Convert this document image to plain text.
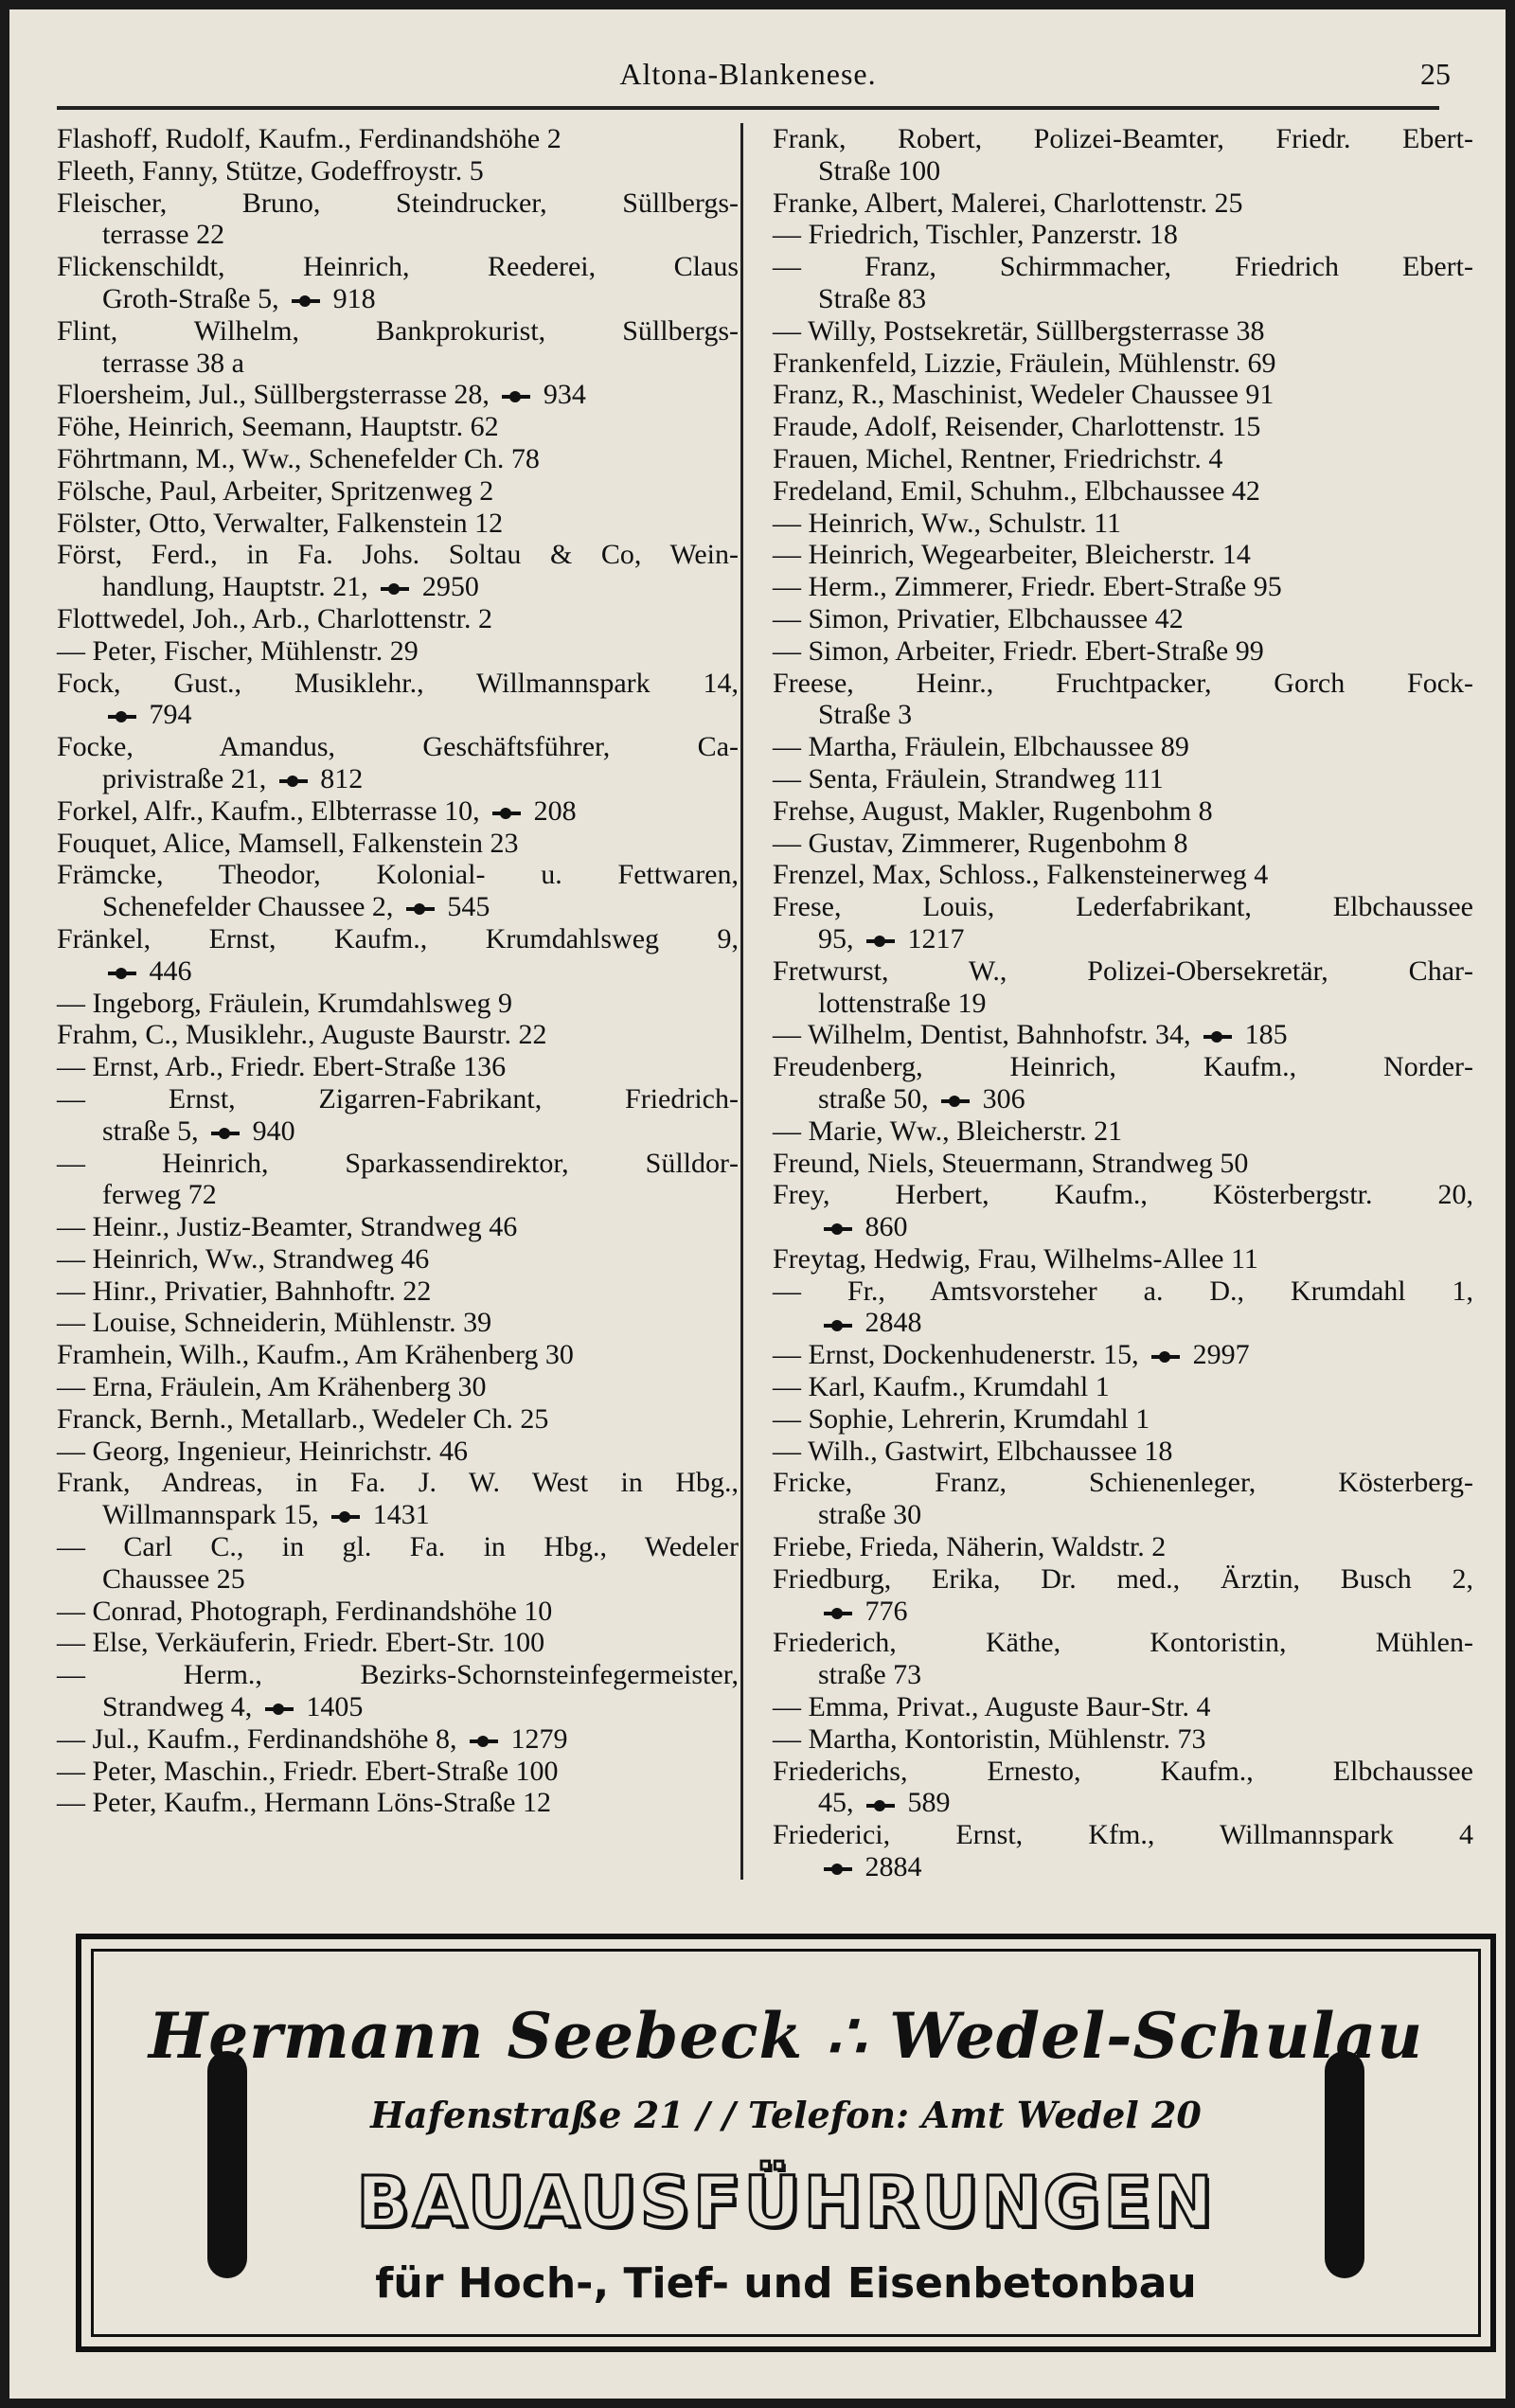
Altona‑Blankenese.	25
Flashoff, Rudolf, Kaufm., Ferdinandshöhe 2
Fleeth, Fanny, Stütze, Godeffroystr. 5
Fleischer, Bruno, Steindrucker, Süllbergs‑
terrasse 22
Flickenschildt, Heinrich, Reederei, Claus
Groth‑Straße 5,  918
Flint, Wilhelm, Bankprokurist, Süllbergs‑
terrasse 38 a
Floersheim, Jul., Süllbergsterrasse 28,  934
Föhe, Heinrich, Seemann, Hauptstr. 62
Föhrtmann, M., Ww., Schenefelder Ch. 78
Fölsche, Paul, Arbeiter, Spritzenweg 2
Fölster, Otto, Verwalter, Falkenstein 12
Först, Ferd., in Fa. Johs. Soltau & Co, Wein‑
handlung, Hauptstr. 21,  2950
Flottwedel, Joh., Arb., Charlottenstr. 2
— Peter, Fischer, Mühlenstr. 29
Fock, Gust., Musiklehr., Willmannspark 14,
794
Focke, Amandus, Geschäftsführer, Ca‑
privistraße 21,  812
Forkel, Alfr., Kaufm., Elbterrasse 10,  208
Fouquet, Alice, Mamsell, Falkenstein 23
Främcke, Theodor, Kolonial‑ u. Fettwaren,
Schenefelder Chaussee 2,  545
Fränkel, Ernst, Kaufm., Krumdahlsweg 9,
446
— Ingeborg, Fräulein, Krumdahlsweg 9
Frahm, C., Musiklehr., Auguste Baurstr. 22
— Ernst, Arb., Friedr. Ebert‑Straße 136
— Ernst, Zigarren‑Fabrikant, Friedrich‑
straße 5,  940
— Heinrich, Sparkassendirektor, Sülldor‑
ferweg 72
— Heinr., Justiz‑Beamter, Strandweg 46
— Heinrich, Ww., Strandweg 46
— Hinr., Privatier, Bahnhoftr. 22
— Louise, Schneiderin, Mühlenstr. 39
Framhein, Wilh., Kaufm., Am Krähenberg 30
— Erna, Fräulein, Am Krähenberg 30
Franck, Bernh., Metallarb., Wedeler Ch. 25
— Georg, Ingenieur, Heinrichstr. 46
Frank, Andreas, in Fa. J. W. West in Hbg.,
Willmannspark 15,  1431
— Carl C., in gl. Fa. in Hbg., Wedeler
Chaussee 25
— Conrad, Photograph, Ferdinandshöhe 10
— Else, Verkäuferin, Friedr. Ebert‑Str. 100
— Herm., Bezirks‑Schornsteinfegermeister,
Strandweg 4,  1405
— Jul., Kaufm., Ferdinandshöhe 8,  1279
— Peter, Maschin., Friedr. Ebert‑Straße 100
— Peter, Kaufm., Hermann Löns‑Straße 12
Frank, Robert, Polizei‑Beamter, Friedr. Ebert‑
Straße 100
Franke, Albert, Malerei, Charlottenstr. 25
— Friedrich, Tischler, Panzerstr. 18
— Franz, Schirmmacher, Friedrich Ebert‑
Straße 83
— Willy, Postsekretär, Süllbergsterrasse 38
Frankenfeld, Lizzie, Fräulein, Mühlenstr. 69
Franz, R., Maschinist, Wedeler Chaussee 91
Fraude, Adolf, Reisender, Charlottenstr. 15
Frauen, Michel, Rentner, Friedrichstr. 4
Fredeland, Emil, Schuhm., Elbchaussee 42
— Heinrich, Ww., Schulstr. 11
— Heinrich, Wegearbeiter, Bleicherstr. 14
— Herm., Zimmerer, Friedr. Ebert‑Straße 95
— Simon, Privatier, Elbchaussee 42
— Simon, Arbeiter, Friedr. Ebert‑Straße 99
Freese, Heinr., Fruchtpacker, Gorch Fock‑
Straße 3
— Martha, Fräulein, Elbchaussee 89
— Senta, Fräulein, Strandweg 111
Frehse, August, Makler, Rugenbohm 8
— Gustav, Zimmerer, Rugenbohm 8
Frenzel, Max, Schloss., Falkensteinerweg 4
Frese, Louis, Lederfabrikant, Elbchaussee
95,  1217
Fretwurst, W., Polizei‑Obersekretär, Char‑
lottenstraße 19
— Wilhelm, Dentist, Bahnhofstr. 34,  185
Freudenberg, Heinrich, Kaufm., Norder‑
straße 50,  306
— Marie, Ww., Bleicherstr. 21
Freund, Niels, Steuermann, Strandweg 50
Frey, Herbert, Kaufm., Kösterbergstr. 20,
860
Freytag, Hedwig, Frau, Wilhelms‑Allee 11
— Fr., Amtsvorsteher a. D., Krumdahl 1,
2848
— Ernst, Dockenhudenerstr. 15,  2997
— Karl, Kaufm., Krumdahl 1
— Sophie, Lehrerin, Krumdahl 1
— Wilh., Gastwirt, Elbchaussee 18
Fricke, Franz, Schienenleger, Kösterberg‑
straße 30
Friebe, Frieda, Näherin, Waldstr. 2
Friedburg, Erika, Dr. med., Ärztin, Busch 2,
776
Friederich, Käthe, Kontoristin, Mühlen‑
straße 73
— Emma, Privat., Auguste Baur‑Str. 4
— Martha, Kontoristin, Mühlenstr. 73
Friederichs, Ernesto, Kaufm., Elbchaussee
45,  589
Friederici, Ernst, Kfm., Willmannspark 4
2884
Hermann Seebeck ∴ Wedel-Schulau
Hafenstraße 21 / / Telefon: Amt Wedel 20
BAUAUSFÜHRUNGEN
für Hoch-, Tief- und Eisenbetonbau
